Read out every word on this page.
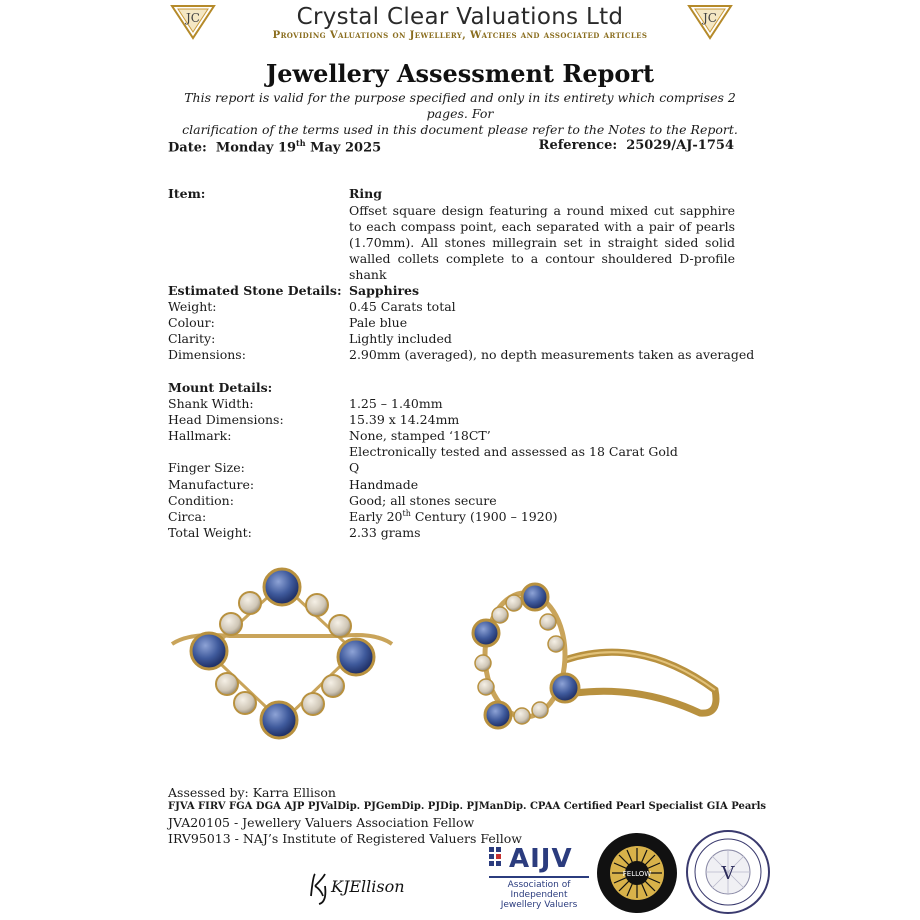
JC	JC
Crystal Clear Valuations Ltd
Providing Valuations on Jewellery, Watches and associated articles
Jewellery Assessment Report
This report is valid for the purpose specified and only in its entirety which comprises 2 pages. For
clarification of the terms used in this document please refer to the Notes to the Report.
Date: Monday 19th May 2025	Reference: 25029/AJ-1754
Item:	Ring
Offset square design featuring a round mixed cut sapphire to each compass point, each separated with a pair of pearls (1.70mm). All stones millegrain set in straight sided solid walled collets complete to a contour shouldered D-profile shank
Estimated Stone Details: Sapphires
Weight:	0.45 Carats total
Colour:	Pale blue
Clarity:	Lightly included
Dimensions:	2.90mm (averaged), no depth measurements taken as averaged
Mount Details:
Shank Width:	1.25 – 1.40mm
Head Dimensions:	15.39 x 14.24mm
Hallmark:	None, stamped ‘18CT’
Electronically tested and assessed as 18 Carat Gold
Finger Size:	Q
Manufacture:	Handmade
Condition:	Good; all stones secure
Circa:	Early 20th Century (1900 – 1920)
Total Weight:	2.33 grams
Assessed by: Karra Ellison
FJVA FIRV FGA DGA AJP PJValDip. PJGemDip. PJDip. PJManDip. CPAA Certified Pearl Specialist GIA Pearls
JVA20105 - Jewellery Valuers Association Fellow
IRV95013 - NAJ’s Institute of Registered Valuers Fellow
KJEllison
AIJV
Association of Independent Jewellery Valuers
FELLOW	V
